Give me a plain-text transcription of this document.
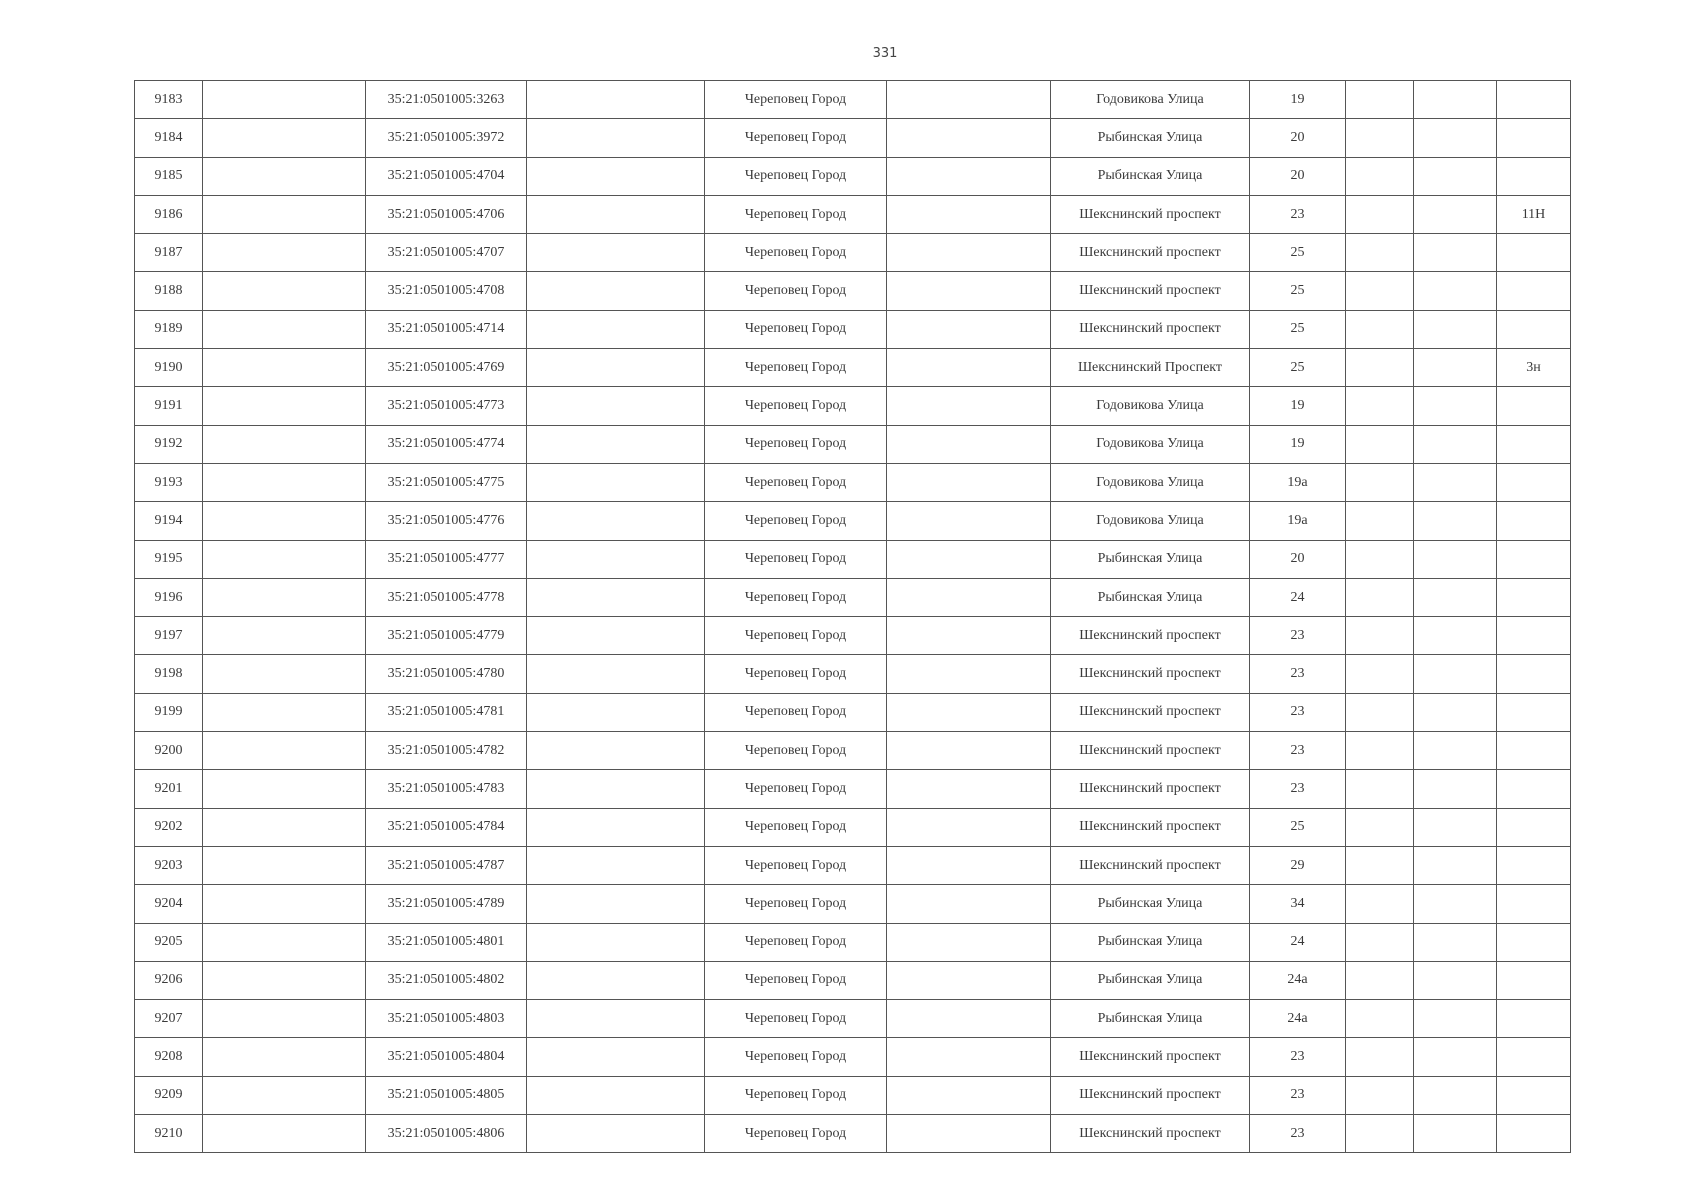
331
9183		35:21:0501005:3263		Череповец Город		Годовикова Улица	19			
9184		35:21:0501005:3972		Череповец Город		Рыбинская Улица	20			
9185		35:21:0501005:4704		Череповец Город		Рыбинская Улица	20			
9186		35:21:0501005:4706		Череповец Город		Шекснинский проспект	23			11Н
9187		35:21:0501005:4707		Череповец Город		Шекснинский проспект	25			
9188		35:21:0501005:4708		Череповец Город		Шекснинский проспект	25			
9189		35:21:0501005:4714		Череповец Город		Шекснинский проспект	25			
9190		35:21:0501005:4769		Череповец Город		Шекснинский Проспект	25			3н
9191		35:21:0501005:4773		Череповец Город		Годовикова Улица	19			
9192		35:21:0501005:4774		Череповец Город		Годовикова Улица	19			
9193		35:21:0501005:4775		Череповец Город		Годовикова Улица	19а			
9194		35:21:0501005:4776		Череповец Город		Годовикова Улица	19а			
9195		35:21:0501005:4777		Череповец Город		Рыбинская Улица	20			
9196		35:21:0501005:4778		Череповец Город		Рыбинская Улица	24			
9197		35:21:0501005:4779		Череповец Город		Шекснинский проспект	23			
9198		35:21:0501005:4780		Череповец Город		Шекснинский проспект	23			
9199		35:21:0501005:4781		Череповец Город		Шекснинский проспект	23			
9200		35:21:0501005:4782		Череповец Город		Шекснинский проспект	23			
9201		35:21:0501005:4783		Череповец Город		Шекснинский проспект	23			
9202		35:21:0501005:4784		Череповец Город		Шекснинский проспект	25			
9203		35:21:0501005:4787		Череповец Город		Шекснинский проспект	29			
9204		35:21:0501005:4789		Череповец Город		Рыбинская Улица	34			
9205		35:21:0501005:4801		Череповец Город		Рыбинская Улица	24			
9206		35:21:0501005:4802		Череповец Город		Рыбинская Улица	24а			
9207		35:21:0501005:4803		Череповец Город		Рыбинская Улица	24а			
9208		35:21:0501005:4804		Череповец Город		Шекснинский проспект	23			
9209		35:21:0501005:4805		Череповец Город		Шекснинский проспект	23			
9210		35:21:0501005:4806		Череповец Город		Шекснинский проспект	23			
